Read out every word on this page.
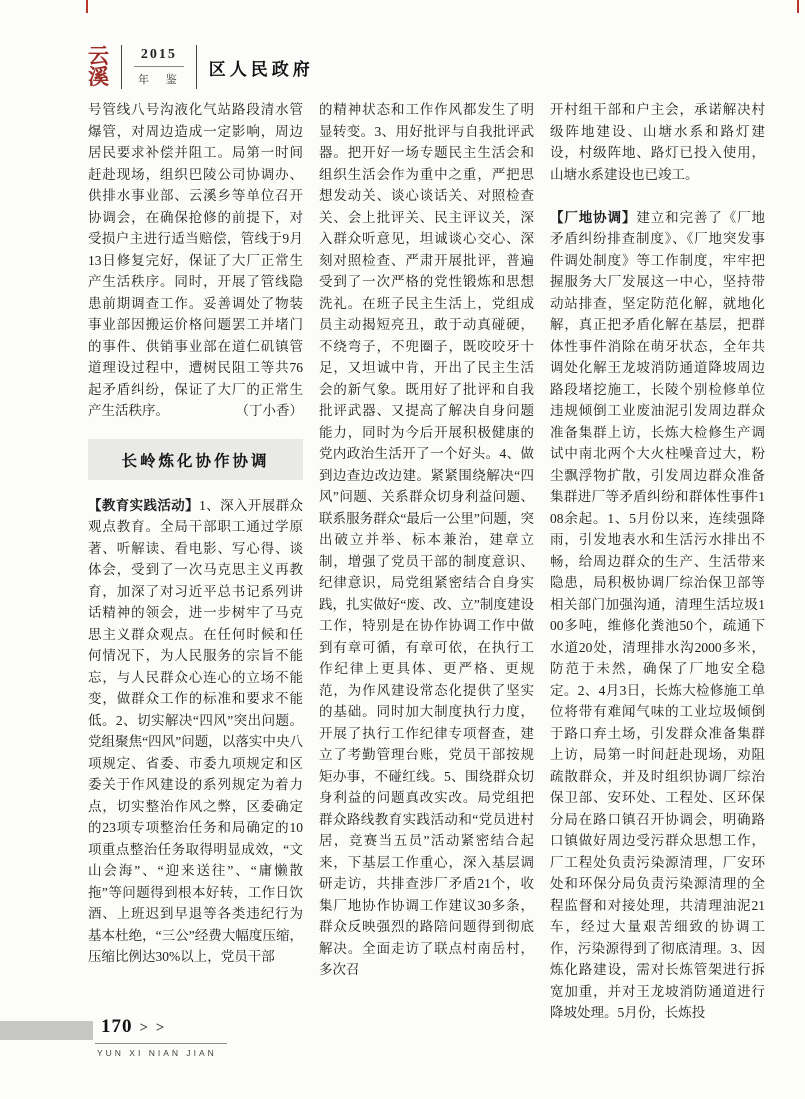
云
溪
2015
年 鉴
区人民政府

号管线八号沟液化气站路段清水管爆管，对周边造成一定影响，周边居民要求补偿并阻工。局第一时间赶赴现场，组织巴陵公司协调办、供排水事业部、云溪乡等单位召开协调会，在确保抢修的前提下，对受损户主进行适当赔偿，管线于9月13日修复完好，保证了大厂正常生产生活秩序。同时，开展了管线隐患前期调查工作。妥善调处了物装事业部因搬运价格问题罢工并堵门的事件、供销事业部在道仁矶镇管道理设过程中，遭树民阻工等共76起矛盾纠纷，保证了大厂的正常生产生活秩序。	（丁小香）

长岭炼化协作协调

【教育实践活动】1、深入开展群众观点教育。全局干部职工通过学原著、听解读、看电影、写心得、谈体会，受到了一次马克思主义再教育，加深了对习近平总书记系列讲话精神的领会，进一步树牢了马克思主义群众观点。在任何时候和任何情况下，为人民服务的宗旨不能忘，与人民群众心连心的立场不能变，做群众工作的标准和要求不能低。2、切实解决“四风”突出问题。党组聚焦“四风”问题，以落实中央八项规定、省委、市委九项规定和区委关于作风建设的系列规定为着力点，切实整治作风之弊，区委确定的23项专项整治任务和局确定的10项重点整治任务取得明显成效，“文山会海”、“迎来送往”、“庸懒散拖”等问题得到根本好转，工作日饮酒、上班迟到早退等各类违纪行为基本杜绝，“三公”经费大幅度压缩，压缩比例达30%以上，党员干部

的精神状态和工作作风都发生了明显转变。3、用好批评与自我批评武器。把开好一场专题民主生活会和组织生活会作为重中之重，严把思想发动关、谈心谈话关、对照检查关、会上批评关、民主评议关，深入群众听意见，坦诚谈心交心、深刻对照检查、严肃开展批评，普遍受到了一次严格的党性锻炼和思想洗礼。在班子民主生活上，党组成员主动揭短亮丑，敢于动真碰硬，不绕弯子，不兜圈子，既咬咬牙十足，又坦诚中肯，开出了民主生活会的新气象。既用好了批评和自我批评武器、又提高了解决自身问题能力，同时为今后开展积极健康的党内政治生活开了一个好头。4、做到边查边改边建。紧紧围绕解决“四风”问题、关系群众切身利益问题、联系服务群众“最后一公里”问题，突出破立并举、标本兼治，建章立制，增强了党员干部的制度意识、纪律意识，局党组紧密结合自身实践，扎实做好“废、改、立”制度建设工作，特别是在协作协调工作中做到有章可循，有章可依，在执行工作纪律上更具体、更严格、更规范，为作风建设常态化提供了坚实的基础。同时加大制度执行力度，开展了执行工作纪律专项督查，建立了考勤管理台账，党员干部按规矩办事，不碰红线。5、围绕群众切身利益的问题真改实改。局党组把群众路线教育实践活动和“党员进村居，竞赛当五员”活动紧密结合起来，下基层工作重心，深入基层调研走访，共排查涉厂矛盾21个，收集厂地协作协调工作建议30多条，群众反映强烈的路陪问题得到彻底解决。全面走访了联点村南岳村，多次召

开村组干部和户主会，承诺解决村级阵地建设、山塘水系和路灯建设，村级阵地、路灯已投入使用，山塘水系建设也已竣工。

【厂地协调】建立和完善了《厂地矛盾纠纷排查制度》、《厂地突发事件调处制度》等工作制度，牢牢把握服务大厂发展这一中心，坚持带动站排查，坚定防范化解，就地化解，真正把矛盾化解在基层，把群体性事件消除在萌牙状态，全年共调处化解王龙坡消防通道降坡周边路段堵挖施工，长陵个别检修单位违规倾倒工业废油泥引发周边群众准备集群上访，长炼大检修生产调试中南北两个大火柱噪音过大，粉尘飘浮物扩散，引发周边群众准备集群进厂等矛盾纠纷和群体性事件108余起。1、5月份以来，连续强降雨，引发地表水和生活污水排出不畅，给周边群众的生产、生活带来隐患，局积极协调厂综治保卫部等相关部门加强沟通，清理生活垃圾100多吨，维修化粪池50个，疏通下水道20处，清理排水沟2000多米，防范于未然，确保了厂地安全稳定。2、4月3日，长炼大检修施工单位将带有难闻气味的工业垃圾倾倒于路口弃土场，引发群众准备集群上访，局第一时间赶赴现场，劝阻疏散群众，并及时组织协调厂综治保卫部、安环处、工程处、区环保分局在路口镇召开协调会，明确路口镇做好周边受污群众思想工作，厂工程处负责污染源清理，厂安环处和环保分局负责污染源清理的全程监督和对接处理，共清理油泥21车，经过大量艰苦细致的协调工作，污染源得到了彻底清理。3、因炼化路建设，需对长炼管架进行拆宽加重，并对王龙坡消防通道进行降坡处理。5月份，长炼投

170 > >
YUN XI NIAN JIAN
